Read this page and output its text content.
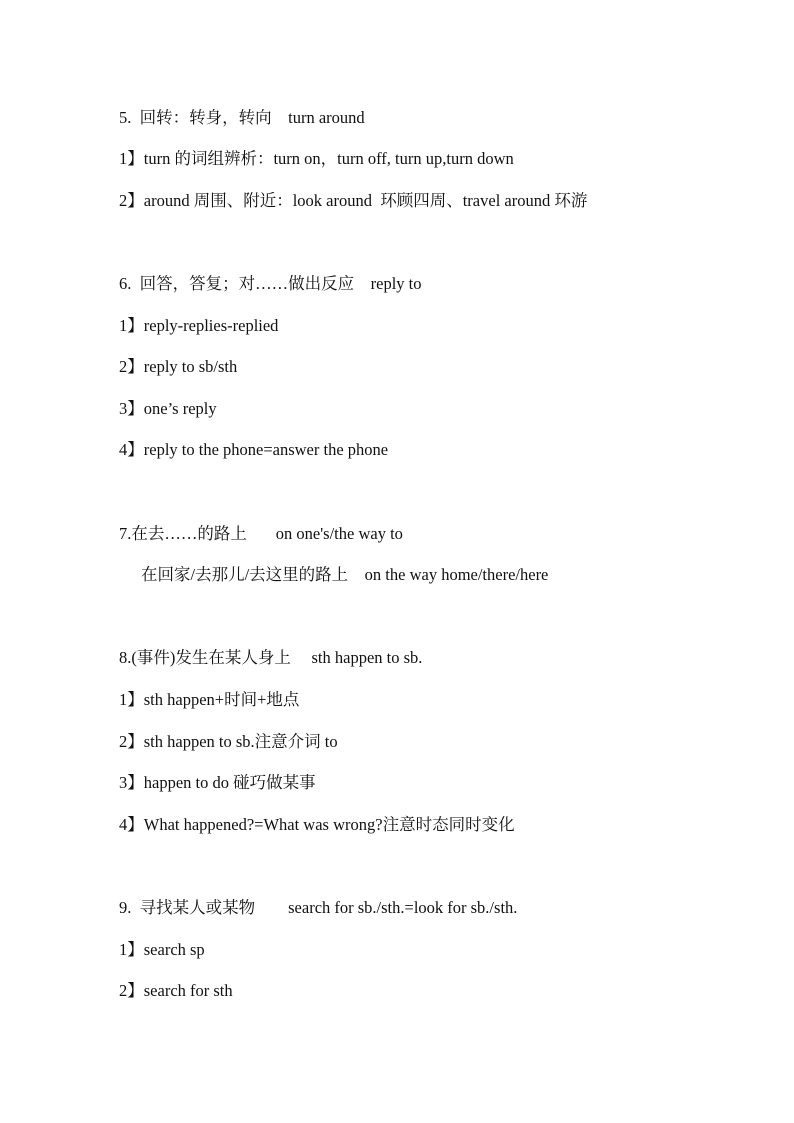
5.  回转：转身，转向    turn around
1】turn 的词组辨析：turn on，turn off, turn up,turn down
2】around 周围、附近：look around  环顾四周、travel around 环游
6.  回答，答复；对……做出反应    reply to
1】reply-replies-replied
2】reply to sb/sth
3】one’s reply
4】reply to the phone=answer the phone
7.在去……的路上       on one's/the way to
在回家/去那儿/去这里的路上    on the way home/there/here
8.(事件)发生在某人身上     sth happen to sb.
1】sth happen+时间+地点
2】sth happen to sb.注意介词 to
3】happen to do 碰巧做某事
4】What happened?=What was wrong?注意时态同时变化
9.  寻找某人或某物        search for sb./sth.=look for sb./sth.
1】search sp
2】search for sth
